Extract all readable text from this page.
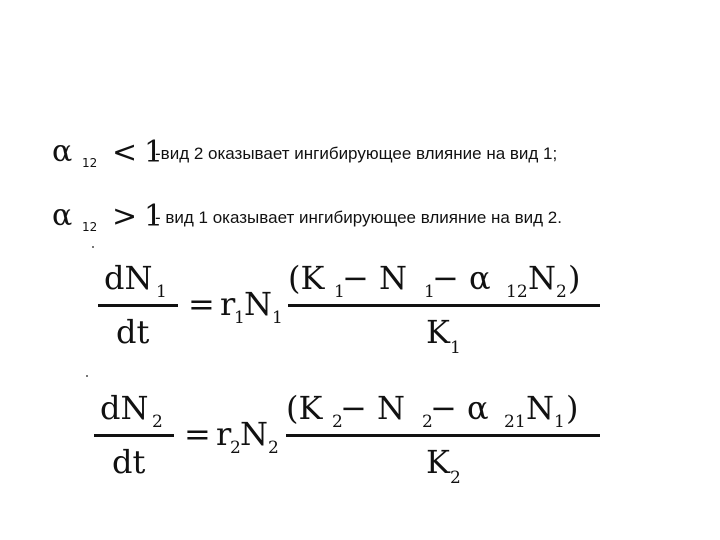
α 12 < 1
-вид 2 оказывает ингибирующее влияние на вид 1;
α 12 > 1
- вид 1 оказывает ингибирующее влияние на вид 2.
dN 1
dt
= r
1 N 1
(K 1
− N 1
− α 12 N 2 )
K 1
dN 2
dt
= r
2 N 2
(K 2
− N 2
− α 21 N 1 )
K 2
